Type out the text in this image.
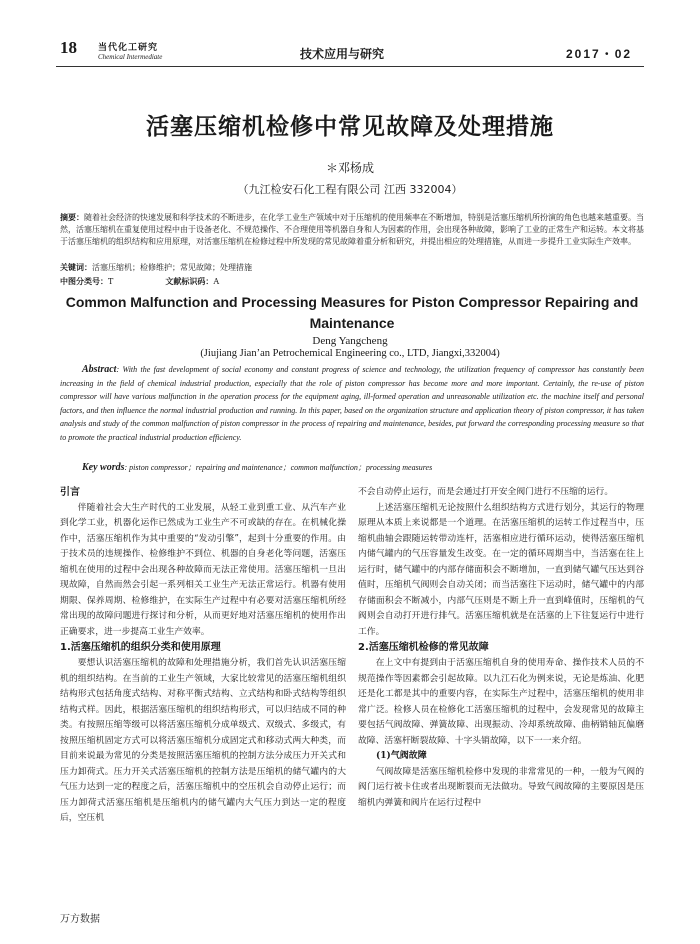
18 当代化工研究
Chemical Intermediate	技术应用与研究	2017・02
活塞压缩机检修中常见故障及处理措施
＊邓杨成
（九江检安石化工程有限公司 江西 332004）
摘要：随着社会经济的快速发展和科学技术的不断进步，在化学工业生产领域中对于压缩机的使用频率在不断增加，特别是活塞压缩机所扮演的角色也越来越重要。当然，活塞压缩机在重复使用过程中由于设备老化、不规范操作、不合理使用等机器自身和人为因素的作用，会出现各种故障，影响了工业的正常生产和运转。本文将基于活塞压缩机的组织结构和应用原理，对活塞压缩机在检修过程中所发现的常见故障着重分析和研究，并提出相应的处理措施，从而进一步提升工业实际生产效率。
关键词：活塞压缩机；检修维护；常见故障；处理措施
中图分类号：T	文献标识码：A
Common Malfunction and Processing Measures for Piston Compressor Repairing and Maintenance
Deng Yangcheng
(Jiujiang Jian’an Petrochemical Engineering co., LTD, Jiangxi,332004)
Abstract: With the fast development of social economy and constant progress of science and technology, the utilization frequency of compressor has constantly been increasing in the field of chemical industrial production, especially that the role of piston compressor has become more and more important. Certainly, the re-use of piston compressor will have various malfunction in the operation process for the equipment aging, ill-formed operation and unreasonable utilization etc. the machine itself and personal factors, and then influence the normal industrial production and running. In this paper, based on the organization structure and application theory of piston compressor, it has taken analysis and study of the common malfunction of piston compressor in the process of repairing and maintenance, besides, put forward the corresponding processing measure so that to promote the practical industrial production efficiency.
Key words: piston compressor；repairing and maintenance；common malfunction；processing measures
引言

伴随着社会大生产时代的工业发展，从轻工业到重工业、从汽车产业到化学工业，机器化运作已然成为工业生产不可或缺的存在。在机械化操作中，活塞压缩机作为其中重要的“发动引擎”，起到十分重要的作用。由于技术员的违规操作、检修维护不到位、机器的自身老化等问题，活塞压缩机在使用的过程中会出现各种故障而无法正常使用。活塞压缩机一旦出现故障，自然而然会引起一系列相关工业生产无法正常运行。机器有使用期限、保养周期、检修维护，在实际生产过程中有必要对活塞压缩机所经常出现的故障问题进行探讨和分析，从而更好地对活塞压缩机的使用作出正确要求，进一步提高工业生产效率。

1.活塞压缩机的组织分类和使用原理

要想认识活塞压缩机的故障和处理措施分析，我们首先认识活塞压缩机的组织结构。在当前的工业生产领域，大家比较常见的活塞压缩机组织结构形式包括角度式结构、对称平衡式结构、立式结构和卧式结构等组织结构式样。因此，根据活塞压缩机的组织结构形式，可以归结成不同的种类。有按照压缩等级可以将活塞压缩机分成单级式、双级式、多级式，有按照压缩机固定方式可以将活塞压缩机分成固定式和移动式两大种类，而目前来说最为常见的分类是按照活塞压缩机的控制方法分成压力开关式和压力卸荷式。压力开关式活塞压缩机的控制方法是压缩机的储气罐内的大气压力达到一定的程度之后，活塞压缩机中的空压机会自动停止运行；而压力卸荷式活塞压缩机是压缩机内的储气罐内大气压力到达一定的程度后，空压机

不会自动停止运行，而是会通过打开安全阀门进行不压缩的运行。

上述活塞压缩机无论按照什么组织结构方式进行划分，其运行的物理原理从本质上来说都是一个道理。在活塞压缩机的运转工作过程当中，压缩机曲轴会跟随运转带动连杆，活塞相应进行循环运动，使得活塞压缩机内储气罐内的气压容量发生改变。在一定的循环周期当中，当活塞在往上运行时，储气罐中的内部存储面积会不断增加，一直到储气罐气压达到谷值时，压缩机气阀则会自动关闭；而当活塞往下运动时，储气罐中的内部存储面积会不断减小，内部气压则是不断上升一直到峰值时，压缩机的气阀则会自动打开进行排气。活塞压缩机就是在活塞的上下往复运行中进行工作。

2.活塞压缩机检修的常见故障

在上文中有提到由于活塞压缩机自身的使用寿命、操作技术人员的不规范操作等因素都会引起故障。以九江石化为例来说，无论是炼油、化肥还是化工都是其中的重要内容，在实际生产过程中，活塞压缩机的使用非常广泛。检修人员在检修化工活塞压缩机的过程中，会发现常见的故障主要包括气阀故障、弹簧故障、出现振动、冷却系统故障、曲柄销轴瓦偏磨故障、活塞杆断裂故障、十字头销故障，以下一一来介绍。

(1)气阀故障

气阀故障是活塞压缩机检修中发现的非常常见的一种，一般为气阀的阀门运行被卡住或者出现断裂而无法做功。导致气阀故障的主要原因是压缩机内弹簧和阀片在运行过程中

万方数据
